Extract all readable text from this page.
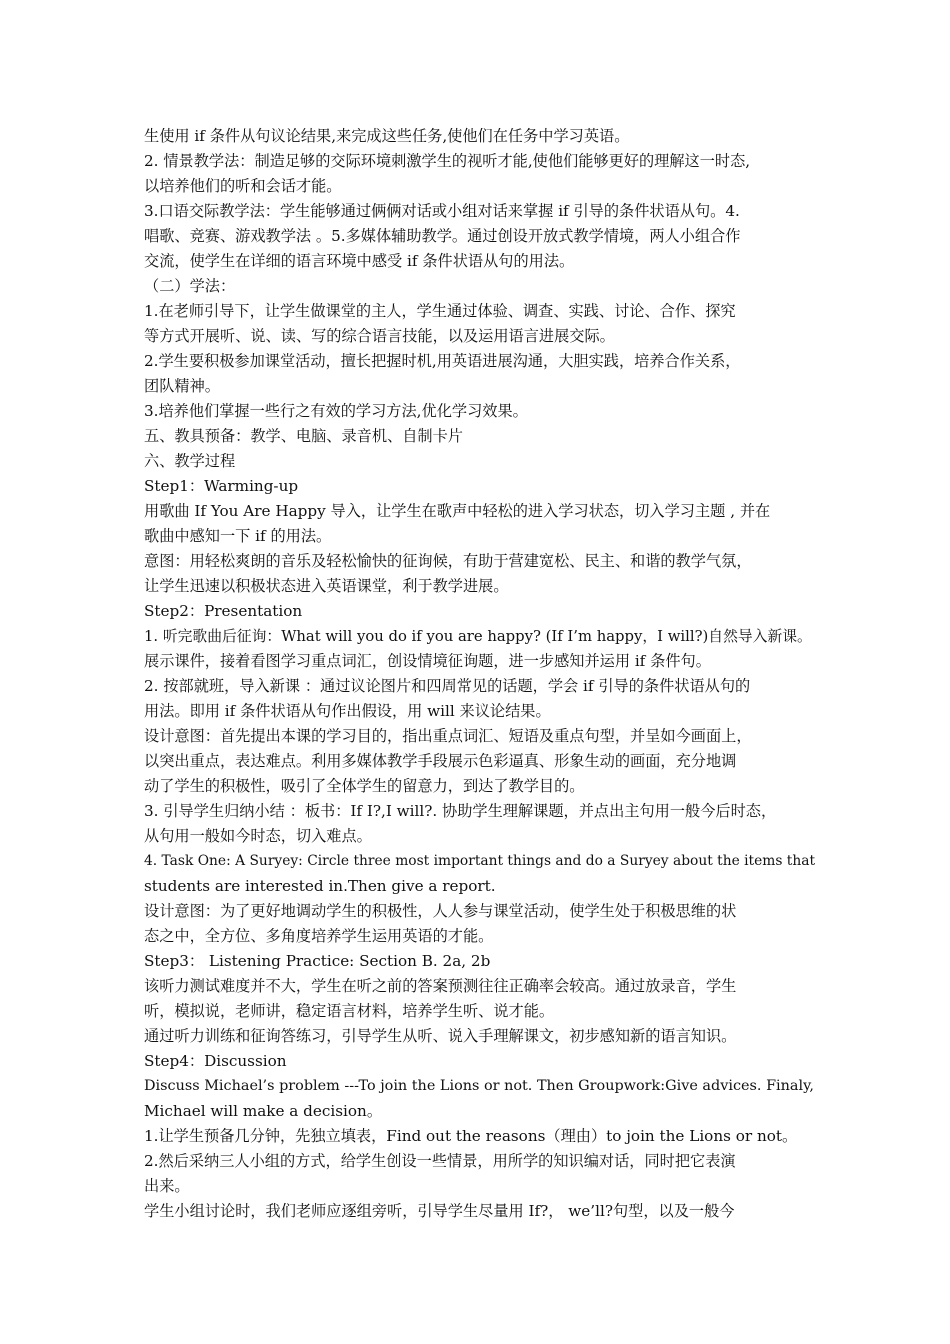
生使用 if 条件从句议论结果,来完成这些任务,使他们在任务中学习英语。
2. 情景教学法：制造足够的交际环境刺激学生的视听才能,使他们能够更好的理解这一时态,
以培养他们的听和会话才能。
3.口语交际教学法：学生能够通过俩俩对话或小组对话来掌握 if 引导的条件状语从句。4.
唱歌、竞赛、游戏教学法 。5.多媒体辅助教学。通过创设开放式教学情境，两人小组合作
交流，使学生在详细的语言环境中感受 if 条件状语从句的用法。
（二）学法：
1.在老师引导下，让学生做课堂的主人，学生通过体验、调查、实践、讨论、合作、探究
等方式开展听、说、读、写的综合语言技能，以及运用语言进展交际。
2.学生要积极参加课堂活动，擅长把握时机,用英语进展沟通，大胆实践，培养合作关系，
团队精神。
3.培养他们掌握一些行之有效的学习方法,优化学习效果。
五、教具预备：教学、电脑、录音机、自制卡片
六、教学过程
Step1：Warming-up
用歌曲 If You Are Happy 导入，让学生在歌声中轻松的进入学习状态，切入学习主题 , 并在
歌曲中感知一下 if 的用法。
意图：用轻松爽朗的音乐及轻松愉快的征询候，有助于营建宽松、民主、和谐的教学气氛，
让学生迅速以积极状态进入英语课堂，利于教学进展。
Step2：Presentation
1. 听完歌曲后征询：What will you do if you are happy? (If I’m happy，I will?)自然导入新课。
展示课件，接着看图学习重点词汇，创设情境征询题，进一步感知并运用 if 条件句。
2. 按部就班，导入新课 ：通过议论图片和四周常见的话题，学会 if 引导的条件状语从句的
用法。即用 if 条件状语从句作出假设，用 will 来议论结果。
设计意图：首先提出本课的学习目的，指出重点词汇、短语及重点句型，并呈如今画面上，
以突出重点，表达难点。利用多媒体教学手段展示色彩逼真、形象生动的画面，充分地调
动了学生的积极性，吸引了全体学生的留意力，到达了教学目的。
3. 引导学生归纳小结 ：板书：If I?,I will?. 协助学生理解课题，并点出主句用一般今后时态，
从句用一般如今时态，切入难点。
4. Task One: A Suryey: Circle three most important things and do a Suryey about the items that
students are interested in.Then give a report.
设计意图：为了更好地调动学生的积极性，人人参与课堂活动，使学生处于积极思维的状
态之中，全方位、多角度培养学生运用英语的才能。
Step3： Listening Practice: Section B. 2a, 2b
该听力测试难度并不大，学生在听之前的答案预测往往正确率会较高。通过放录音，学生
听，模拟说，老师讲，稳定语言材料，培养学生听、说才能。
通过听力训练和征询答练习，引导学生从听、说入手理解课文，初步感知新的语言知识。
Step4：Discussion
Discuss Michael’s problem ---To join the Lions or not. Then Groupwork:Give advices. Finaly,
Michael will make a decision。
1.让学生预备几分钟，先独立填表，Find out the reasons（理由）to join the Lions or not。
2.然后采纳三人小组的方式，给学生创设一些情景，用所学的知识编对话，同时把它表演
出来。
学生小组讨论时，我们老师应逐组旁听，引导学生尽量用 If?， we’ll?句型，以及一般今
